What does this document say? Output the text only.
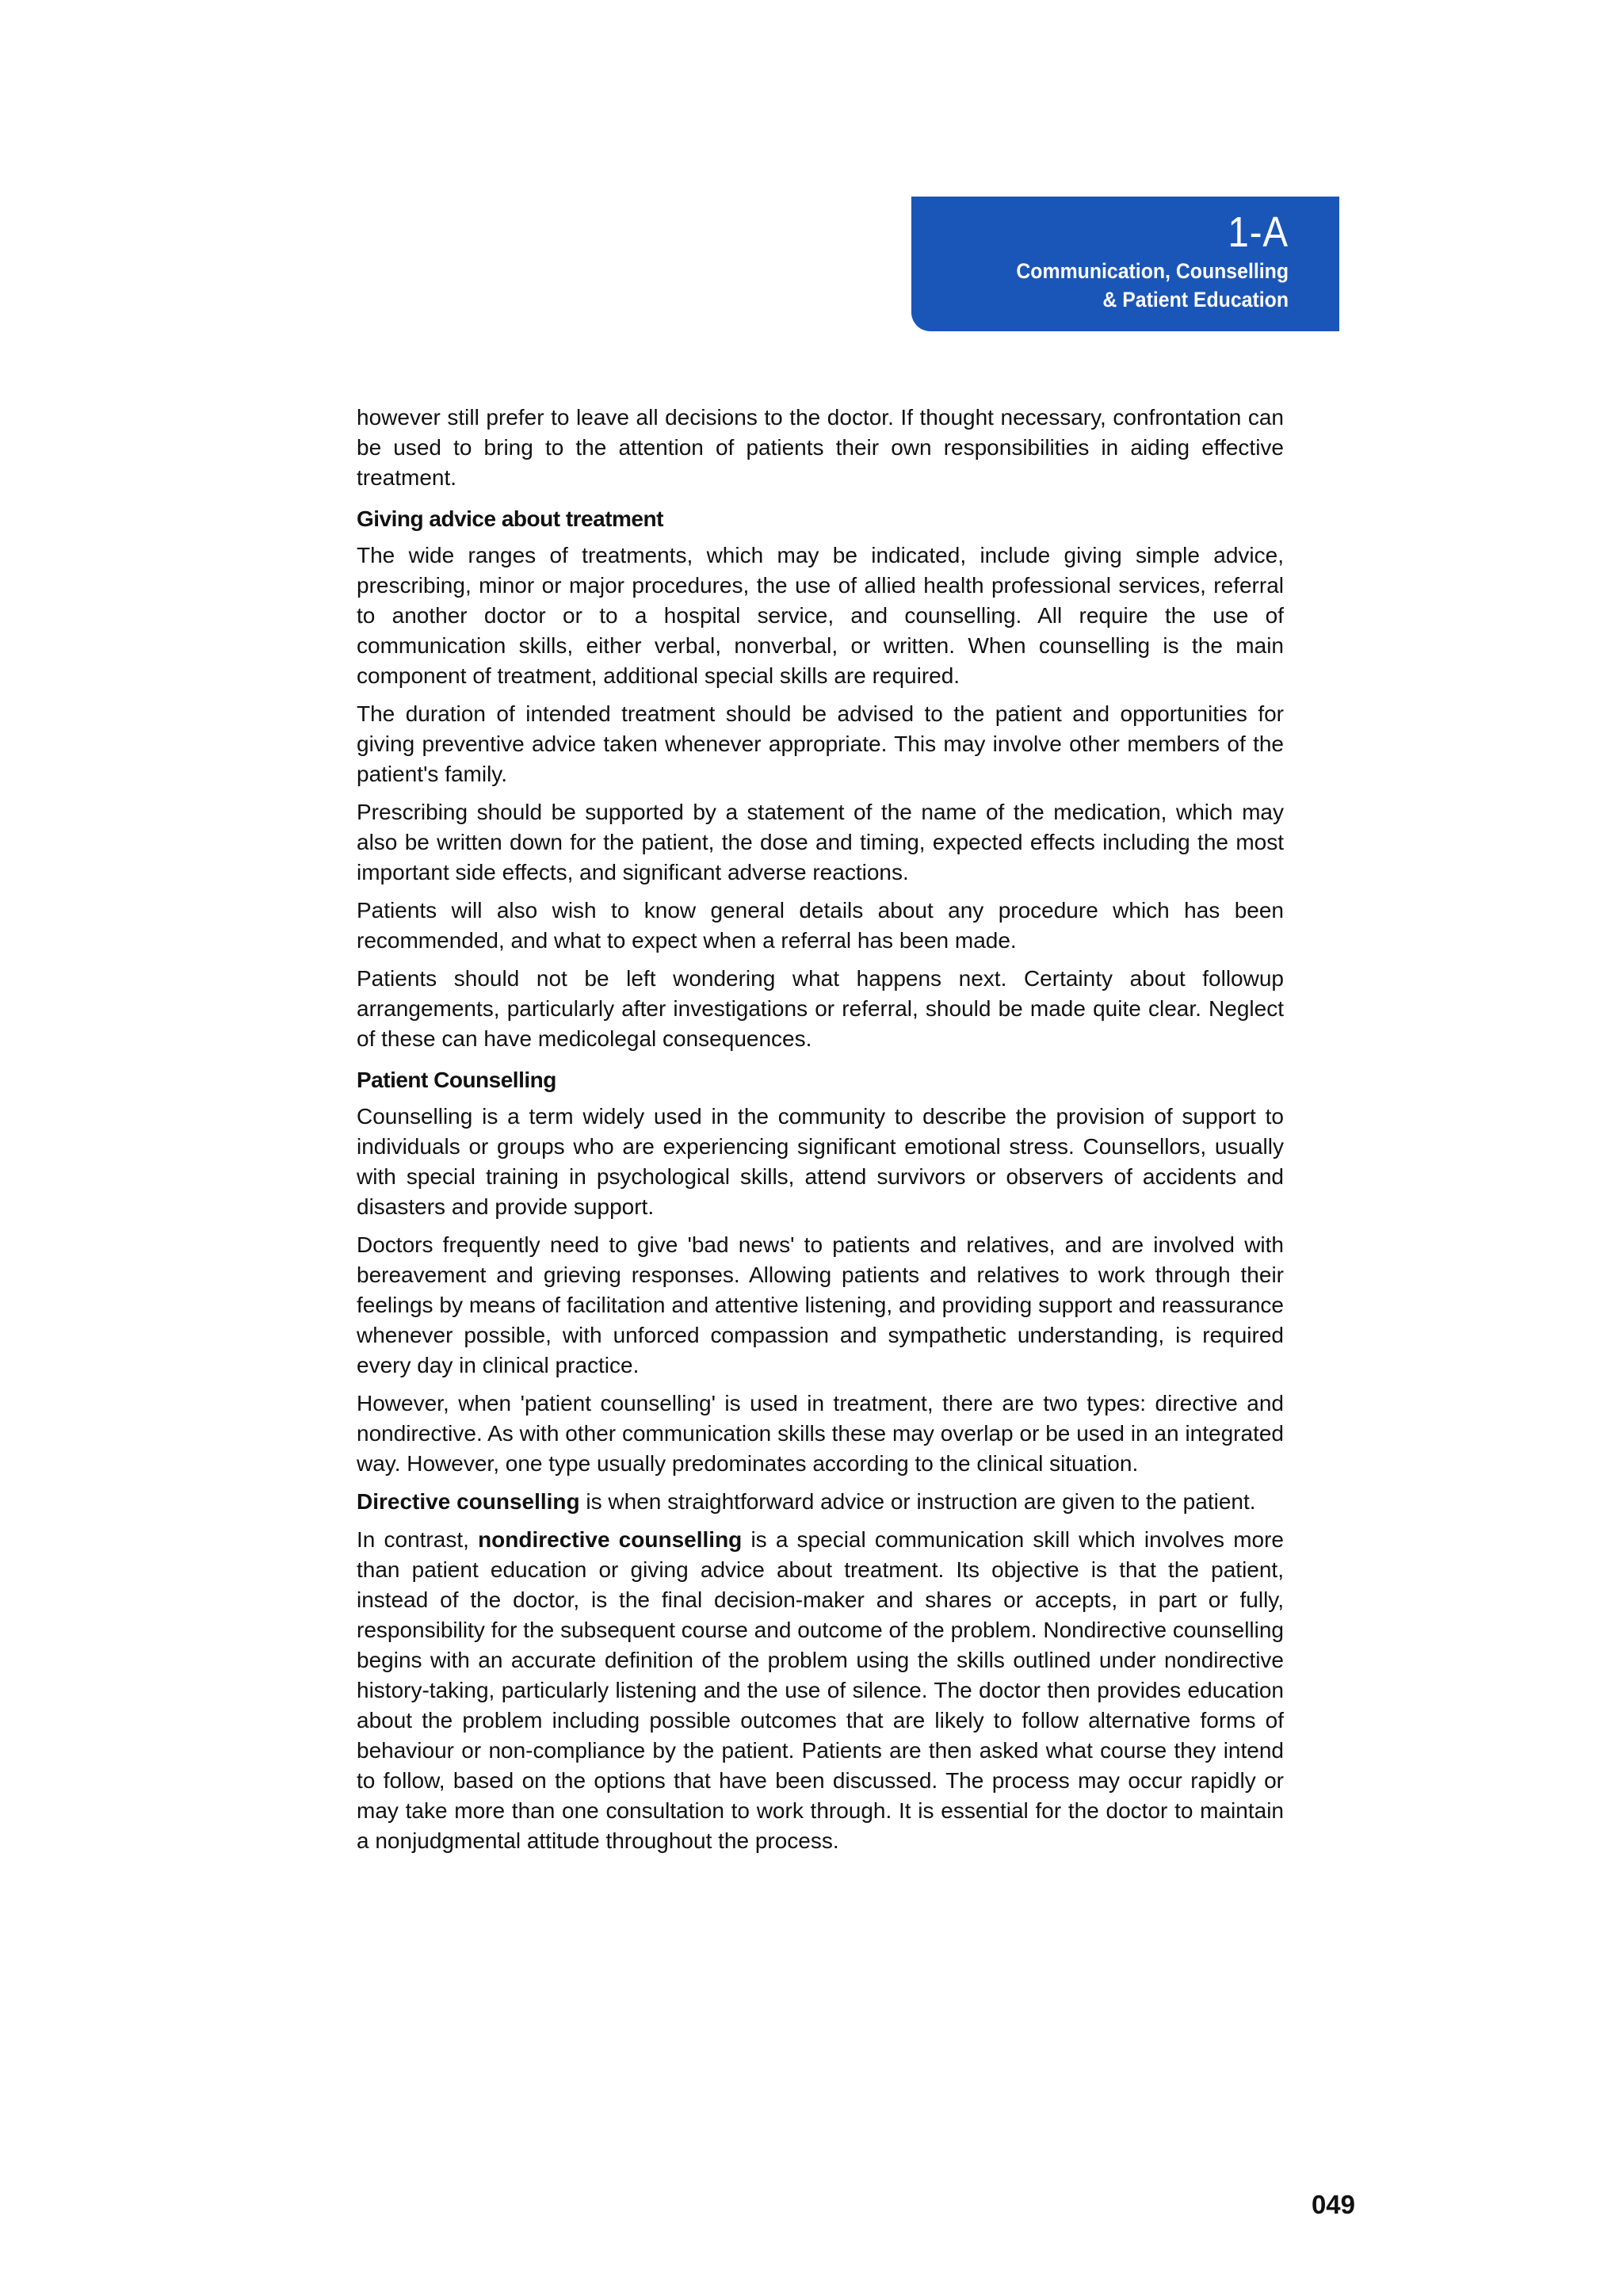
1-A
Communication, Counselling
& Patient Education

however still prefer to leave all decisions to the doctor. If thought necessary, confrontation can be used to bring to the attention of patients their own responsibilities in aiding effective treatment.

Giving advice about treatment

The wide ranges of treatments, which may be indicated, include giving simple advice, prescribing, minor or major procedures, the use of allied health professional services, referral to another doctor or to a hospital service, and counselling. All require the use of communication skills, either verbal, nonverbal, or written. When counselling is the main component of treatment, additional special skills are required.

The duration of intended treatment should be advised to the patient and opportunities for giving preventive advice taken whenever appropriate. This may involve other members of the patient's family.

Prescribing should be supported by a statement of the name of the medication, which may also be written down for the patient, the dose and timing, expected effects including the most important side effects, and significant adverse reactions.

Patients will also wish to know general details about any procedure which has been recommended, and what to expect when a referral has been made.

Patients should not be left wondering what happens next. Certainty about followup arrangements, particularly after investigations or referral, should be made quite clear. Neglect of these can have medicolegal consequences.

Patient Counselling

Counselling is a term widely used in the community to describe the provision of support to individuals or groups who are experiencing significant emotional stress. Counsellors, usually with special training in psychological skills, attend survivors or observers of accidents and disasters and provide support.

Doctors frequently need to give 'bad news' to patients and relatives, and are involved with bereavement and grieving responses. Allowing patients and relatives to work through their feelings by means of facilitation and attentive listening, and providing support and reassurance whenever possible, with unforced compassion and sympathetic understanding, is required every day in clinical practice.

However, when 'patient counselling' is used in treatment, there are two types: directive and nondirective. As with other communication skills these may overlap or be used in an integrated way. However, one type usually predominates according to the clinical situation.

Directive counselling is when straightforward advice or instruction are given to the patient.

In contrast, nondirective counselling is a special communication skill which involves more than patient education or giving advice about treatment. Its objective is that the patient, instead of the doctor, is the final decision-maker and shares or accepts, in part or fully, responsibility for the subsequent course and outcome of the problem. Nondirective counselling begins with an accurate definition of the problem using the skills outlined under nondirective history-taking, particularly listening and the use of silence. The doctor then provides education about the problem including possible outcomes that are likely to follow alternative forms of behaviour or non-compliance by the patient. Patients are then asked what course they intend to follow, based on the options that have been discussed. The process may occur rapidly or may take more than one consultation to work through. It is essential for the doctor to maintain a nonjudgmental attitude throughout the process.

049
